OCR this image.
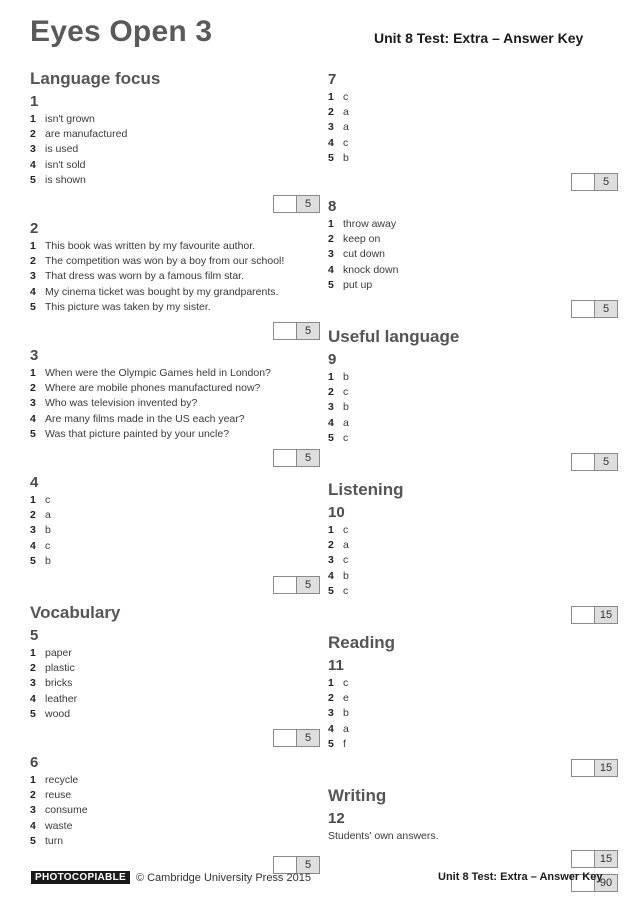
Eyes Open 3	Unit 8 Test: Extra – Answer Key
Language focus
1
1 isn't grown
2 are manufactured
3 is used
4 isn't sold
5 is shown
5
2
1 This book was written by my favourite author.
2 The competition was won by a boy from our school!
3 That dress was worn by a famous film star.
4 My cinema ticket was bought by my grandparents.
5 This picture was taken by my sister.
5
3
1 When were the Olympic Games held in London?
2 Where are mobile phones manufactured now?
3 Who was television invented by?
4 Are many films made in the US each year?
5 Was that picture painted by your uncle?
5
4
1 c
2 a
3 b
4 c
5 b
5
Vocabulary
5
1 paper
2 plastic
3 bricks
4 leather
5 wood
5
6
1 recycle
2 reuse
3 consume
4 waste
5 turn
5
7
1 c
2 a
3 a
4 c
5 b
5
8
1 throw away
2 keep on
3 cut down
4 knock down
5 put up
5
Useful language
9
1 b
2 c
3 b
4 a
5 c
5
Listening
10
1 c
2 a
3 c
4 b
5 c
15
Reading
11
1 c
2 e
3 b
4 a
5 f
15
Writing
12
Students' own answers.
15
90
PHOTOCOPIABLE © Cambridge University Press 2015	Unit 8 Test: Extra – Answer Key
